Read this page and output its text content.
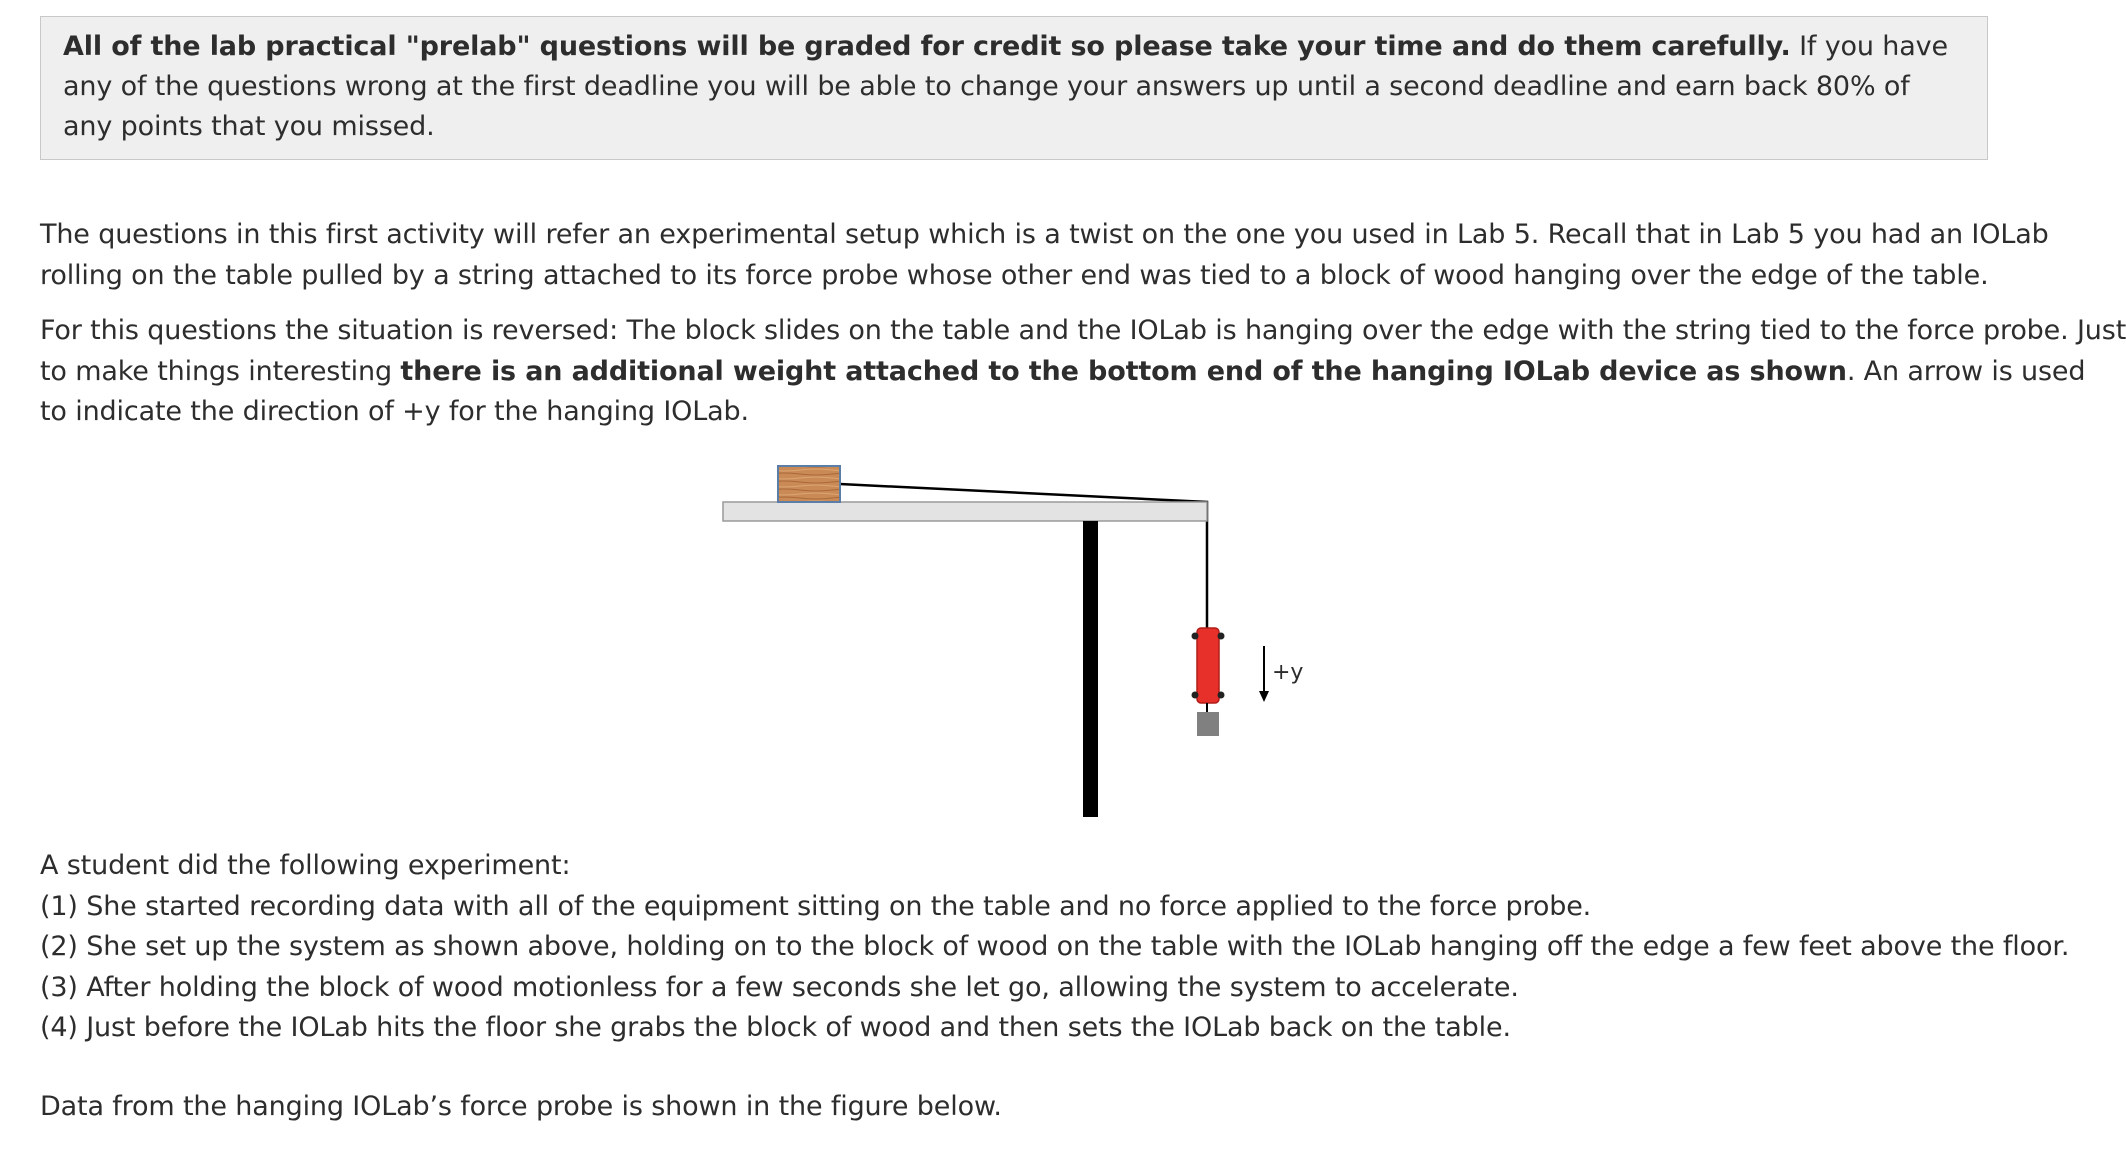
All of the lab practical "prelab" questions will be graded for credit so please take your time and do them carefully. If you have any of the questions wrong at the first deadline you will be able to change your answers up until a second deadline and earn back 80% of any points that you missed.

The questions in this first activity will refer an experimental setup which is a twist on the one you used in Lab 5. Recall that in Lab 5 you had an IOLab
rolling on the table pulled by a string attached to its force probe whose other end was tied to a block of wood hanging over the edge of the table.

For this questions the situation is reversed: The block slides on the table and the IOLab is hanging over the edge with the string tied to the force probe. Just
to make things interesting there is an additional weight attached to the bottom end of the hanging IOLab device as shown. An arrow is used
to indicate the direction of +y for the hanging IOLab.

+y

A student did the following experiment:
(1) She started recording data with all of the equipment sitting on the table and no force applied to the force probe.
(2) She set up the system as shown above, holding on to the block of wood on the table with the IOLab hanging off the edge a few feet above the floor.
(3) After holding the block of wood motionless for a few seconds she let go, allowing the system to accelerate.
(4) Just before the IOLab hits the floor she grabs the block of wood and then sets the IOLab back on the table.

Data from the hanging IOLab’s force probe is shown in the figure below.
